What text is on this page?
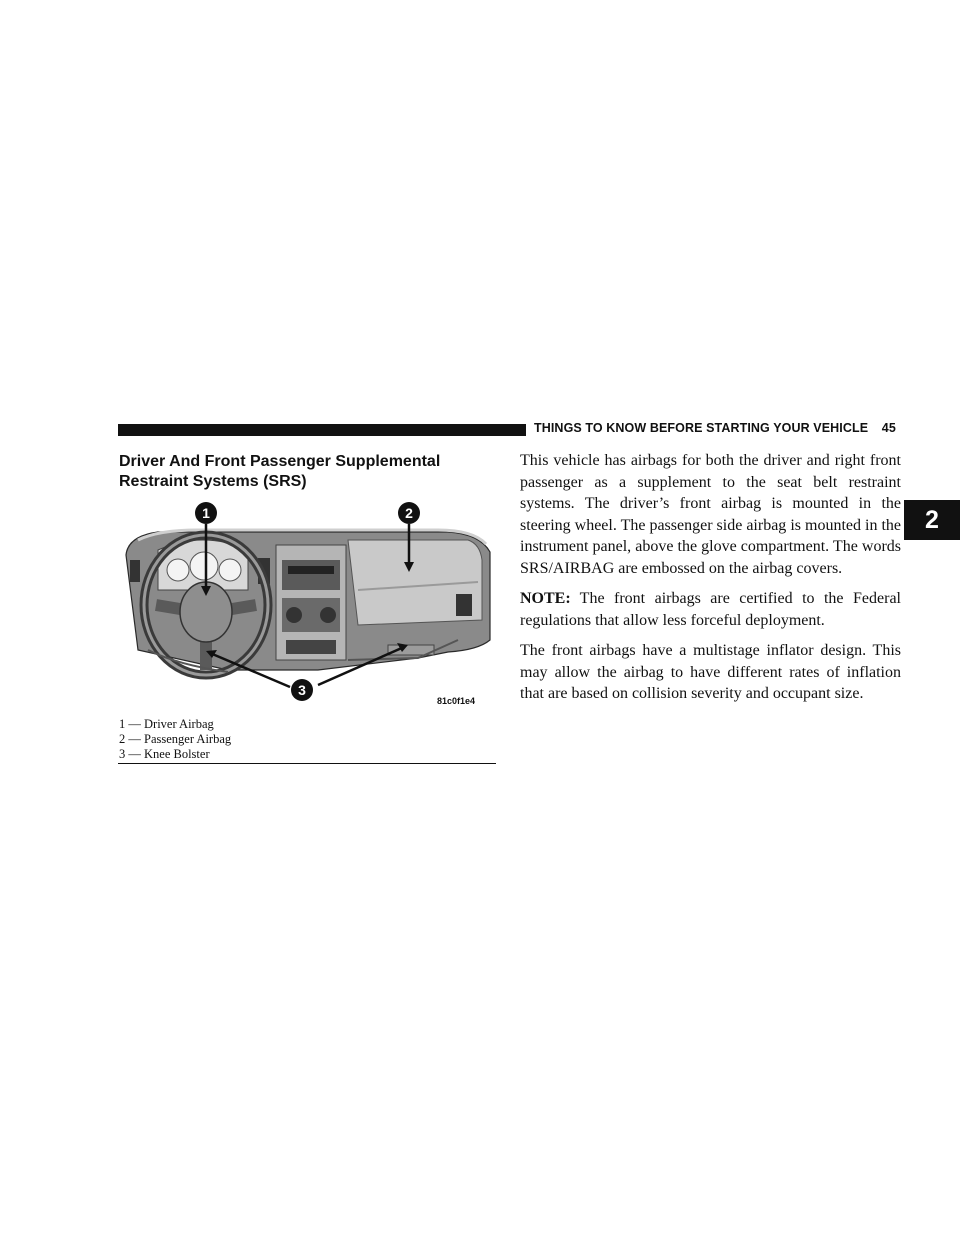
THINGS TO KNOW BEFORE STARTING YOUR VEHICLE 45
2
Driver And Front Passenger Supplemental Restraint Systems (SRS)
1	2
3
81c0f1e4
1 — Driver Airbag
2 — Passenger Airbag
3 — Knee Bolster

This vehicle has airbags for both the driver and right front passenger as a supplement to the seat belt restraint systems. The driver’s front airbag is mounted in the steering wheel. The passenger side airbag is mounted in the instrument panel, above the glove compartment. The words SRS/AIRBAG are embossed on the airbag covers.

NOTE: The front airbags are certified to the Federal regulations that allow less forceful deployment.

The front airbags have a multistage inflator design. This may allow the airbag to have different rates of inflation that are based on collision severity and occupant size.
